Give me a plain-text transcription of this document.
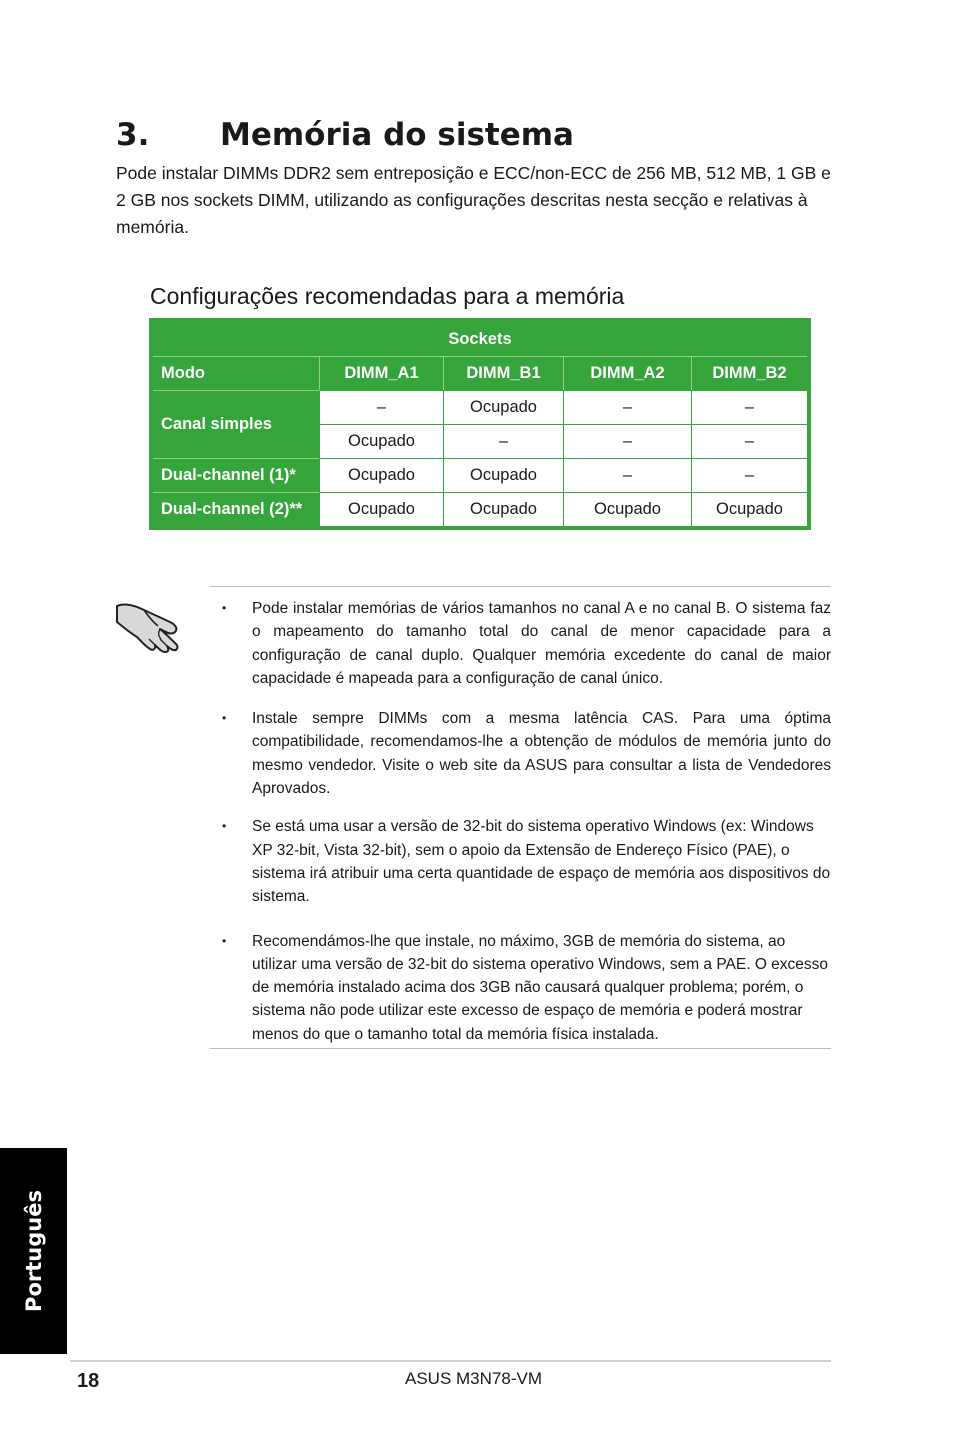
3. Memória do sistema

Pode instalar DIMMs DDR2 sem entreposição e ECC/non-ECC de 256 MB, 512 MB, 1 GB e 2 GB nos sockets DIMM, utilizando as configurações descritas nesta secção e relativas à memória.

Configurações recomendadas para a memória
Sockets				
Modo	DIMM_A1	DIMM_B1	DIMM_A2	DIMM_B2
Canal simples	–	Ocupado	–	–
	Ocupado	–	–	–
Dual-channel (1)*	Ocupado	Ocupado	–	–
Dual-channel (2)**	Ocupado	Ocupado	Ocupado	Ocupado
• Pode instalar memórias de vários tamanhos no canal A e no canal B. O sistema faz o mapeamento do tamanho total do canal de menor capacidade para a configuração de canal duplo. Qualquer memória excedente do canal de maior capacidade é mapeada para a configuração de canal único.
• Instale sempre DIMMs com a mesma latência CAS. Para uma óptima compatibilidade, recomendamos-lhe a obtenção de módulos de memória junto do mesmo vendedor. Visite o web site da ASUS para consultar a lista de Vendedores Aprovados.
• Se está uma usar a versão de 32-bit do sistema operativo Windows (ex: Windows XP 32-bit, Vista 32-bit), sem o apoio da Extensão de Endereço Físico (PAE), o sistema irá atribuir uma certa quantidade de espaço de memória aos dispositivos do sistema.
• Recomendámos-lhe que instale, no máximo, 3GB de memória do sistema, ao utilizar uma versão de 32-bit do sistema operativo Windows, sem a PAE. O excesso de memória instalado acima dos 3GB não causará qualquer problema; porém, o sistema não pode utilizar este excesso de espaço de memória e poderá mostrar menos do que o tamanho total da memória física instalada.
Português
18	ASUS M3N78-VM
